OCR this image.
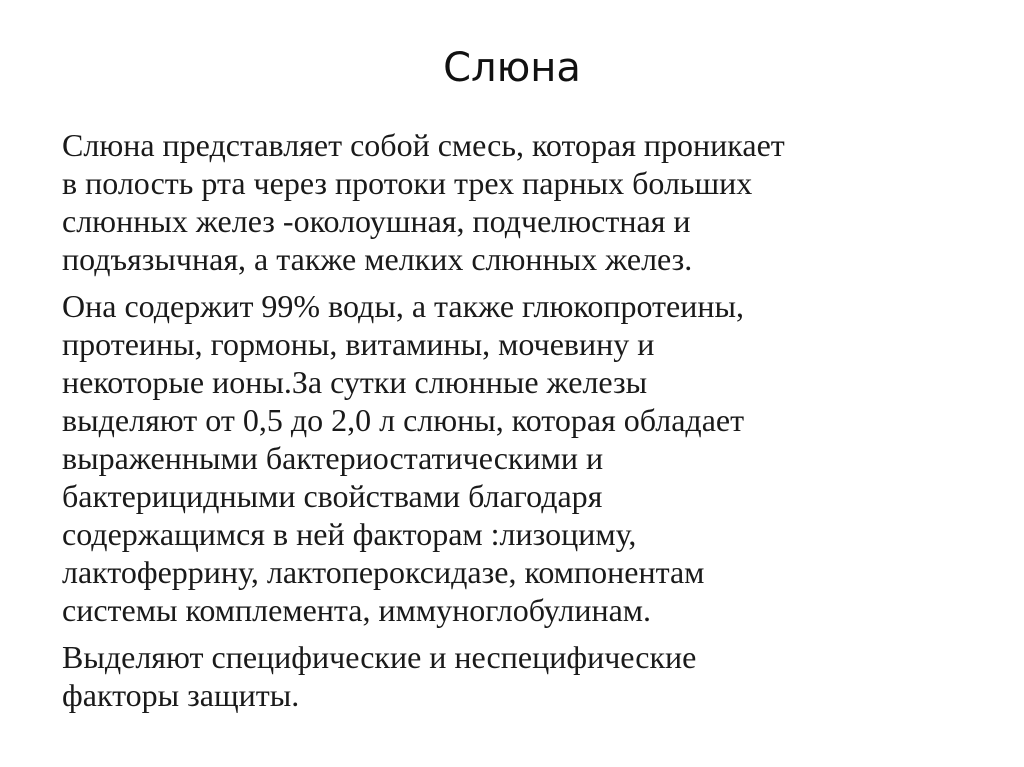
Слюна

Слюна представляет собой смесь, которая проникает
в полость рта через протоки трех парных больших
слюнных желез -околоушная, подчелюстная и
подъязычная, а также мелких слюнных желез.

Она содержит 99% воды, а также глюкопротеины,
протеины, гормоны, витамины, мочевину и
некоторые ионы.За сутки слюнные железы
выделяют от 0,5 до 2,0 л слюны, которая обладает
выраженными бактериостатическими и
бактерицидными свойствами благодаря
содержащимся в ней факторам :лизоциму,
лактоферрину, лактопероксидазе, компонентам
системы комплемента, иммуноглобулинам.

Выделяют специфические и неспецифические
факторы защиты.
